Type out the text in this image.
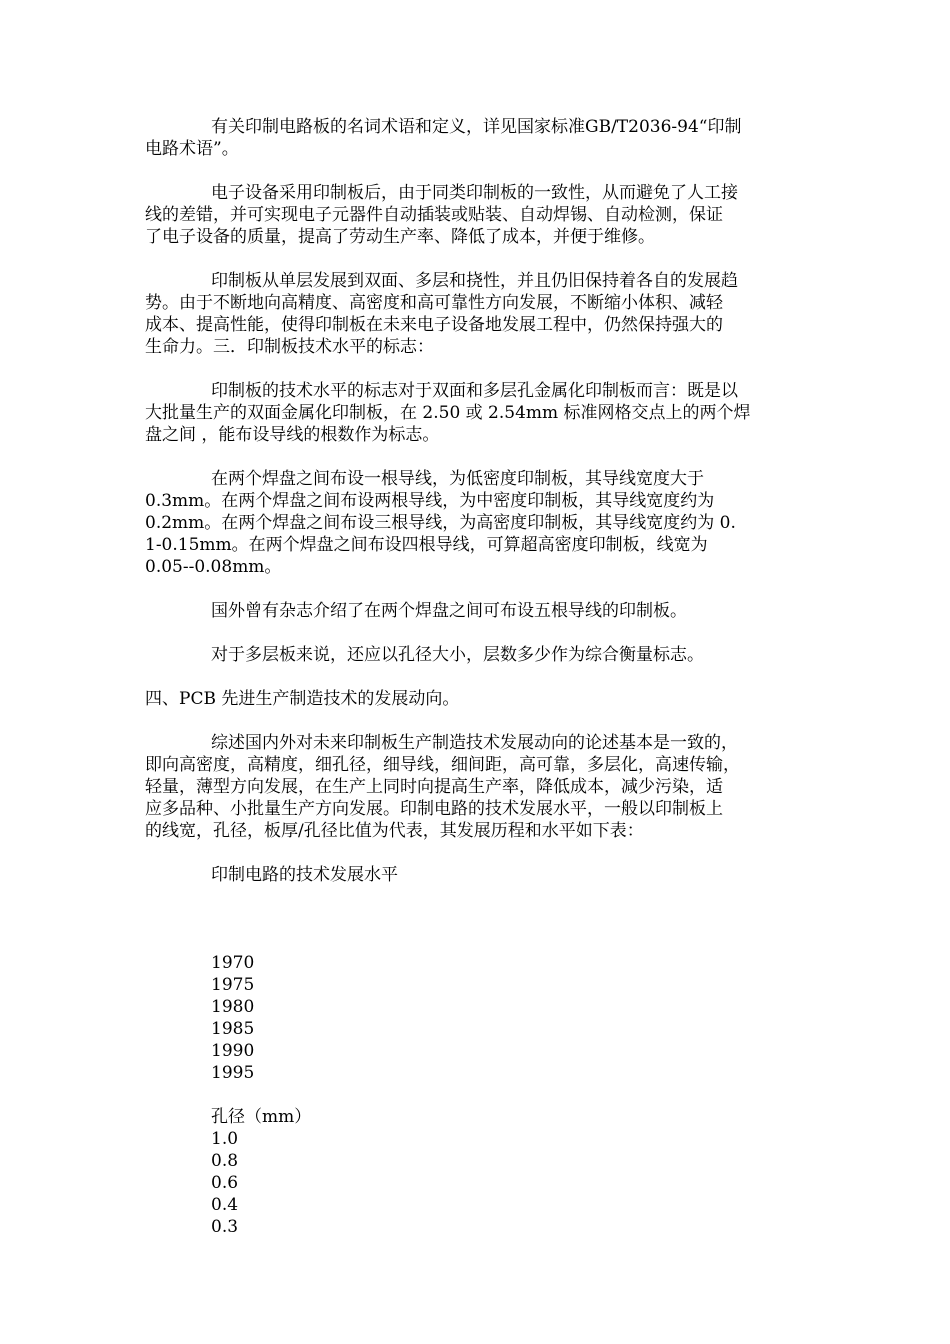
有关印制电路板的名词术语和定义，详见国家标准GB/T2036-94“印制
电路术语”。

电子设备采用印制板后，由于同类印制板的一致性，从而避免了人工接
线的差错，并可实现电子元器件自动插装或贴装、自动焊锡、自动检测，保证
了电子设备的质量，提高了劳动生产率、降低了成本，并便于维修。

印制板从单层发展到双面、多层和挠性，并且仍旧保持着各自的发展趋
势。由于不断地向高精度、高密度和高可靠性方向发展，不断缩小体积、减轻
成本、提高性能，使得印制板在未来电子设备地发展工程中，仍然保持强大的
生命力。三．印制板技术水平的标志：

印制板的技术水平的标志对于双面和多层孔金属化印制板而言：既是以
大批量生产的双面金属化印制板，在 2.50 或 2.54mm 标准网格交点上的两个焊
盘之间 ，能布设导线的根数作为标志。

在两个焊盘之间布设一根导线，为低密度印制板，其导线宽度大于
0.3mm。在两个焊盘之间布设两根导线，为中密度印制板，其导线宽度约为
0.2mm。在两个焊盘之间布设三根导线，为高密度印制板，其导线宽度约为 0.
1-0.15mm。在两个焊盘之间布设四根导线，可算超高密度印制板，线宽为
0.05--0.08mm。

国外曾有杂志介绍了在两个焊盘之间可布设五根导线的印制板。

对于多层板来说，还应以孔径大小，层数多少作为综合衡量标志。

四、PCB 先进生产制造技术的发展动向。

综述国内外对未来印制板生产制造技术发展动向的论述基本是一致的，
即向高密度，高精度，细孔径，细导线，细间距，高可靠，多层化，高速传输，
轻量，薄型方向发展，在生产上同时向提高生产率，降低成本，减少污染，适
应多品种、小批量生产方向发展。印制电路的技术发展水平，一般以印制板上
的线宽，孔径，板厚/孔径比值为代表，其发展历程和水平如下表：

印制电路的技术发展水平

1970
1975
1980
1985
1990
1995
孔径（mm）
1.0
0.8
0.6
0.4
0.3
